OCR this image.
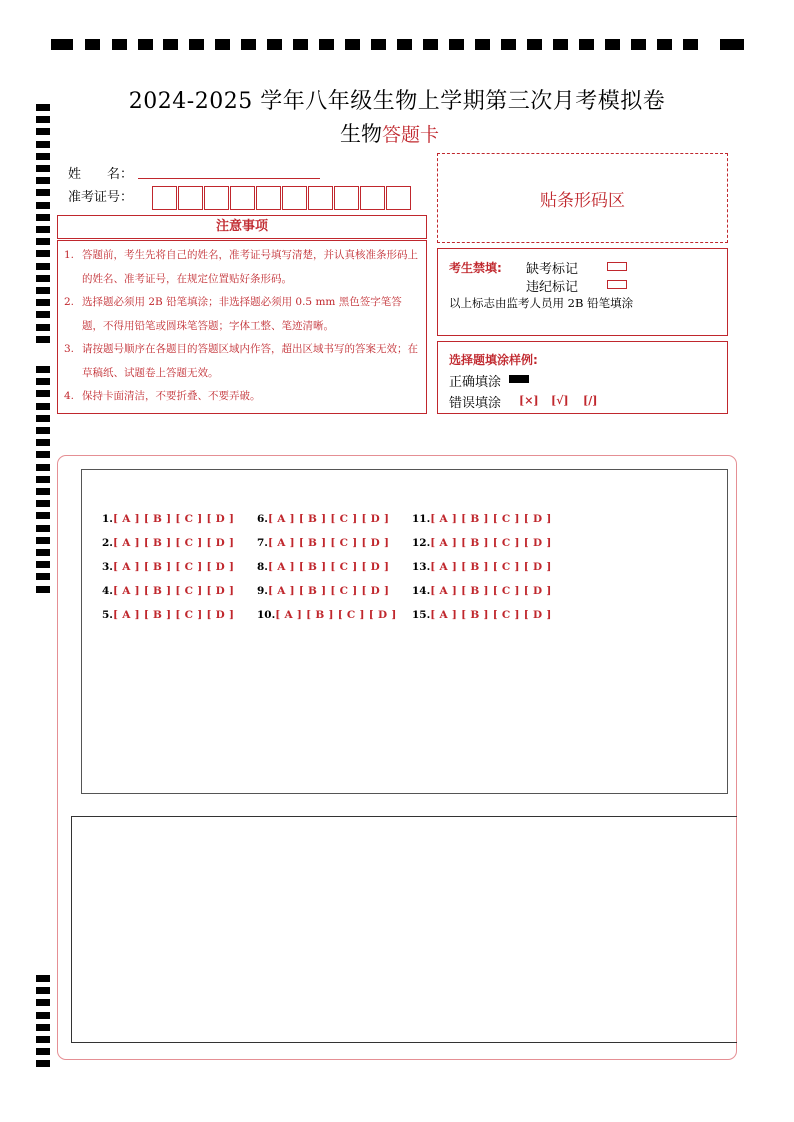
2024-2025 学年八年级生物上学期第三次月考模拟卷
生物答题卡
姓　　名：
准考证号：	贴条形码区
注意事项
1. 答题前，考生先将自己的姓名，准考证号填写清楚，并认真核准条形码上的姓名、准考证号，在规定位置贴好条形码。
2. 选择题必须用 2B 铅笔填涂；非选择题必须用 0.5 mm 黑色签字笔答题，不得用铅笔或圆珠笔答题；字体工整、笔迹清晰。
3. 请按题号顺序在各题目的答题区域内作答，超出区域书写的答案无效；在草稿纸、试题卷上答题无效。
4. 保持卡面清洁，不要折叠、不要弄破。
考生禁填: 缺考标记
违纪标记
以上标志由监考人员用 2B 铅笔填涂
选择题填涂样例:
正确填涂
错误填涂 [×] [√] [/]
1.[ A ] [ B ] [ C ] [ D ]
2.[ A ] [ B ] [ C ] [ D ]
3.[ A ] [ B ] [ C ] [ D ]
4.[ A ] [ B ] [ C ] [ D ]
5.[ A ] [ B ] [ C ] [ D ]
6.[ A ] [ B ] [ C ] [ D ]
7.[ A ] [ B ] [ C ] [ D ]
8.[ A ] [ B ] [ C ] [ D ]
9.[ A ] [ B ] [ C ] [ D ]
10.[ A ] [ B ] [ C ] [ D ]
11.[ A ] [ B ] [ C ] [ D ]
12.[ A ] [ B ] [ C ] [ D ]
13.[ A ] [ B ] [ C ] [ D ]
14.[ A ] [ B ] [ C ] [ D ]
15.[ A ] [ B ] [ C ] [ D ]
